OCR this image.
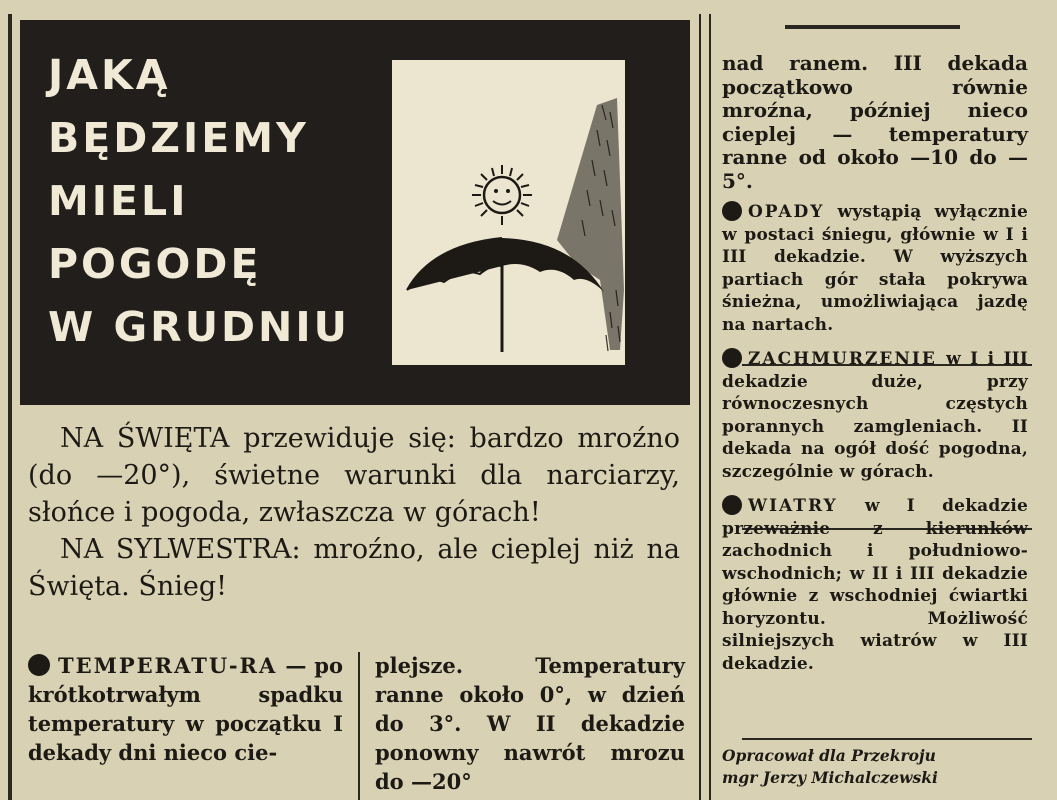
JAKĄ
BĘDZIEMY
MIELI
POGODĘ
W GRUDNIU

NA ŚWIĘTA przewiduje się: bardzo mroźno (do —20°), świetne warunki dla narciarzy, słońce i pogoda, zwłaszcza w górach!

NA SYLWESTRA: mroźno, ale cieplej niż na Święta. Śnieg!

TEMPERATU-RA — po krótkotrwałym spadku temperatury w początku I dekady dni nieco cie-

plejsze. Temperatury ranne około 0°, w dzień do 3°. W II dekadzie ponowny nawrót mrozu do —20°

nad ranem. III dekada początkowo równie mroźna, później nieco cieplej — temperatury ranne od około —10 do —5°.

OPADY wystąpią wyłącznie w postaci śniegu, głównie w I i III dekadzie. W wyższych partiach gór stała pokrywa śnieżna, umożliwiająca jazdę na nartach.

ZACHMURZENIE w I i III dekadzie duże, przy równoczesnych częstych porannych zamgleniach. II dekada na ogół dość pogodna, szczególnie w górach.

WIATRY w I dekadzie przeważnie z kierunków zachodnich i południowo-wschodnich; w II i III dekadzie głównie z wschodniej ćwiartki horyzontu. Możliwość silniejszych wiatrów w III dekadzie.

Opracował dla Przekroju
mgr Jerzy Michalczewski
